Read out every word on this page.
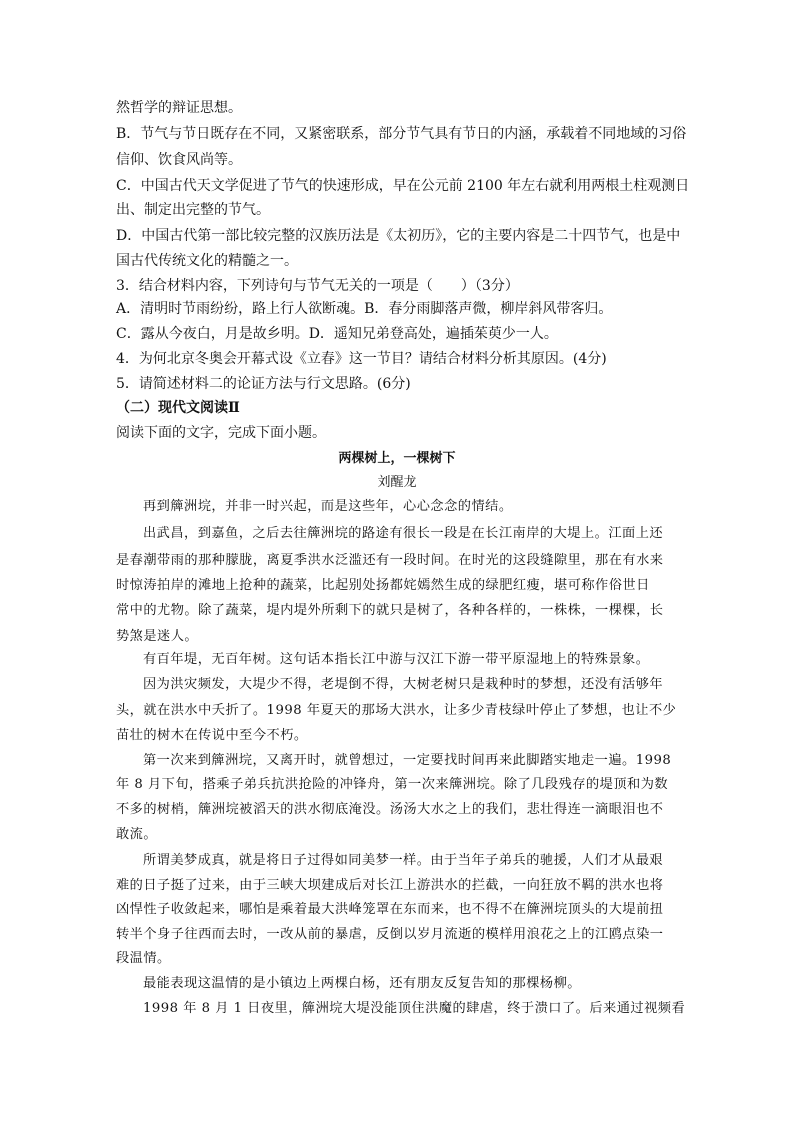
然哲学的辩证思想。
B．节气与节日既存在不同，又紧密联系，部分节气具有节日的内涵，承载着不同地域的习俗
信仰、饮食风尚等。
C．中国古代天文学促进了节气的快速形成，早在公元前 2100 年左右就利用两根土柱观测日
出、制定出完整的节气。
D．中国古代第一部比较完整的汉族历法是《太初历》，它的主要内容是二十四节气，也是中
国古代传统文化的精髓之一。
3．结合材料内容，下列诗句与节气无关的一项是（　　）（3分）
A．清明时节雨纷纷，路上行人欲断魂。B．春分雨脚落声微，柳岸斜风带客归。
C．露从今夜白，月是故乡明。D．遥知兄弟登高处，遍插茱萸少一人。
4．为何北京冬奥会开幕式设《立春》这一节目？请结合材料分析其原因。(4分)
5．请简述材料二的论证方法与行文思路。(6分)
（二）现代文阅读Ⅱ
阅读下面的文字，完成下面小题。
两棵树上，一棵树下
刘醒龙
再到簰洲垸，并非一时兴起，而是这些年，心心念念的情结。
出武昌，到嘉鱼，之后去往簰洲垸的路途有很长一段是在长江南岸的大堤上。江面上还
是春潮带雨的那种朦胧，离夏季洪水泛滥还有一段时间。在时光的这段缝隙里，那在有水来
时惊涛拍岸的滩地上抢种的蔬菜，比起别处扬都姹嫣然生成的绿肥红瘦，堪可称作俗世日
常中的尤物。除了蔬菜，堤内堤外所剩下的就只是树了，各种各样的，一株株，一棵棵，长
势煞是迷人。
有百年堤，无百年树。这句话本指长江中游与汉江下游一带平原湿地上的特殊景象。
因为洪灾频发，大堤少不得，老堤倒不得，大树老树只是栽种时的梦想，还没有活够年
头，就在洪水中夭折了。1998 年夏天的那场大洪水，让多少青枝绿叶停止了梦想，也让不少
苗壮的树木在传说中至今不朽。
第一次来到簰洲垸，又离开时，就曾想过，一定要找时间再来此脚踏实地走一遍。1998
年 8 月下旬，搭乘子弟兵抗洪抢险的冲锋舟，第一次来簰洲垸。除了几段残存的堤顶和为数
不多的树梢，簰洲垸被滔天的洪水彻底淹没。汤汤大水之上的我们，悲壮得连一滴眼泪也不
敢流。
所谓美梦成真，就是将日子过得如同美梦一样。由于当年子弟兵的驰援，人们才从最艰
难的日子挺了过来，由于三峡大坝建成后对长江上游洪水的拦截，一向狂放不羁的洪水也将
凶悍性子收敛起来，哪怕是乘着最大洪峰笼罩在东而来，也不得不在簰洲垸顶头的大堤前扭
转半个身子往西而去时，一改从前的暴虐，反倒以岁月流逝的模样用浪花之上的江鸥点染一
段温情。
最能表现这温情的是小镇边上两棵白杨，还有朋友反复告知的那棵杨柳。
1998 年 8 月 1 日夜里，簰洲垸大堤没能顶住洪魔的肆虐，终于溃口了。后来通过视频看
